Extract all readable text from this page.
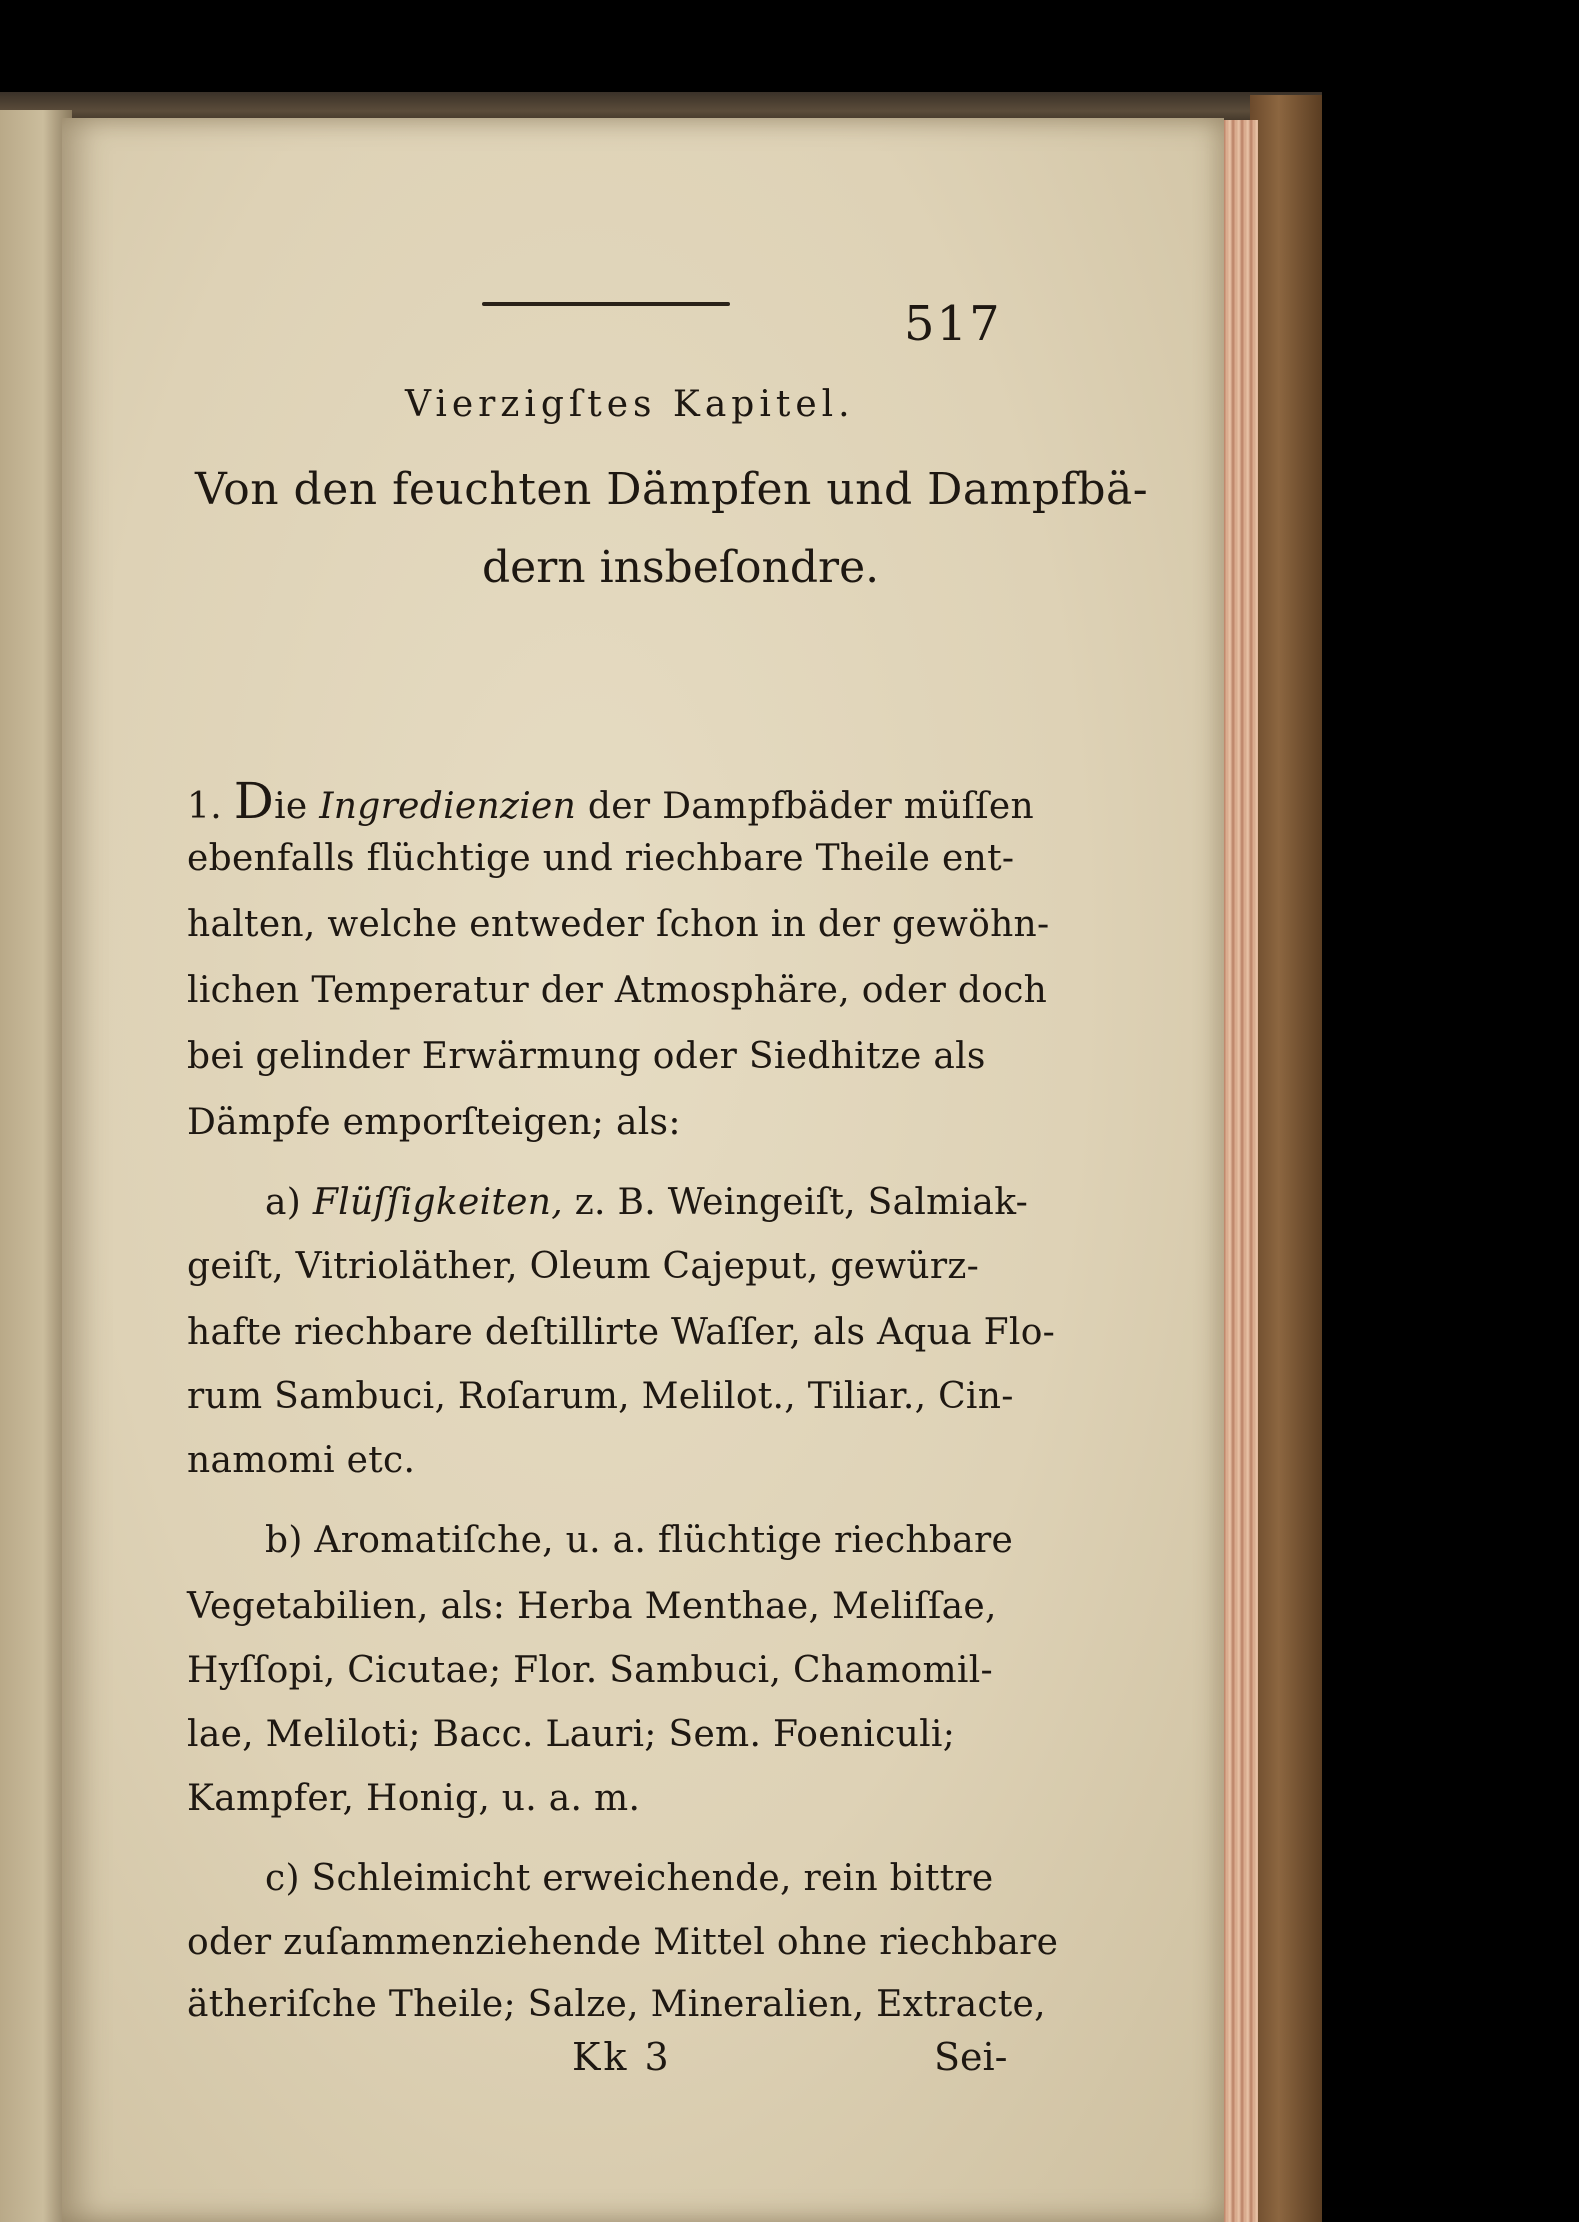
517
Vierzigſtes Kapitel.
Von den feuchten Dämpfen und Dampfbä-
dern insbeſondre.
1. Die Ingredienzien der Dampfbäder müſſen
ebenfalls flüchtige und riechbare Theile ent-
halten, welche entweder ſchon in der gewöhn-
lichen Temperatur der Atmosphäre, oder doch
bei gelinder Erwärmung oder Siedhitze als
Dämpfe emporſteigen; als:
a) Flüſſigkeiten, z. B. Weingeiſt, Salmiak-
geiſt, Vitrioläther, Oleum Cajeput, gewürz-
hafte riechbare deſtillirte Waſſer, als Aqua Flo-
rum Sambuci, Roſarum, Melilot., Tiliar., Cin-
namomi etc.
b) Aromatiſche, u. a. flüchtige riechbare
Vegetabilien, als: Herba Menthae, Meliſſae,
Hyſſopi, Cicutae; Flor. Sambuci, Chamomil-
lae, Meliloti; Bacc. Lauri; Sem. Foeniculi;
Kampfer, Honig, u. a. m.
c) Schleimicht erweichende, rein bittre
oder zuſammenziehende Mittel ohne riechbare
ätheriſche Theile; Salze, Mineralien, Extracte,
Kk 3	Sei-
